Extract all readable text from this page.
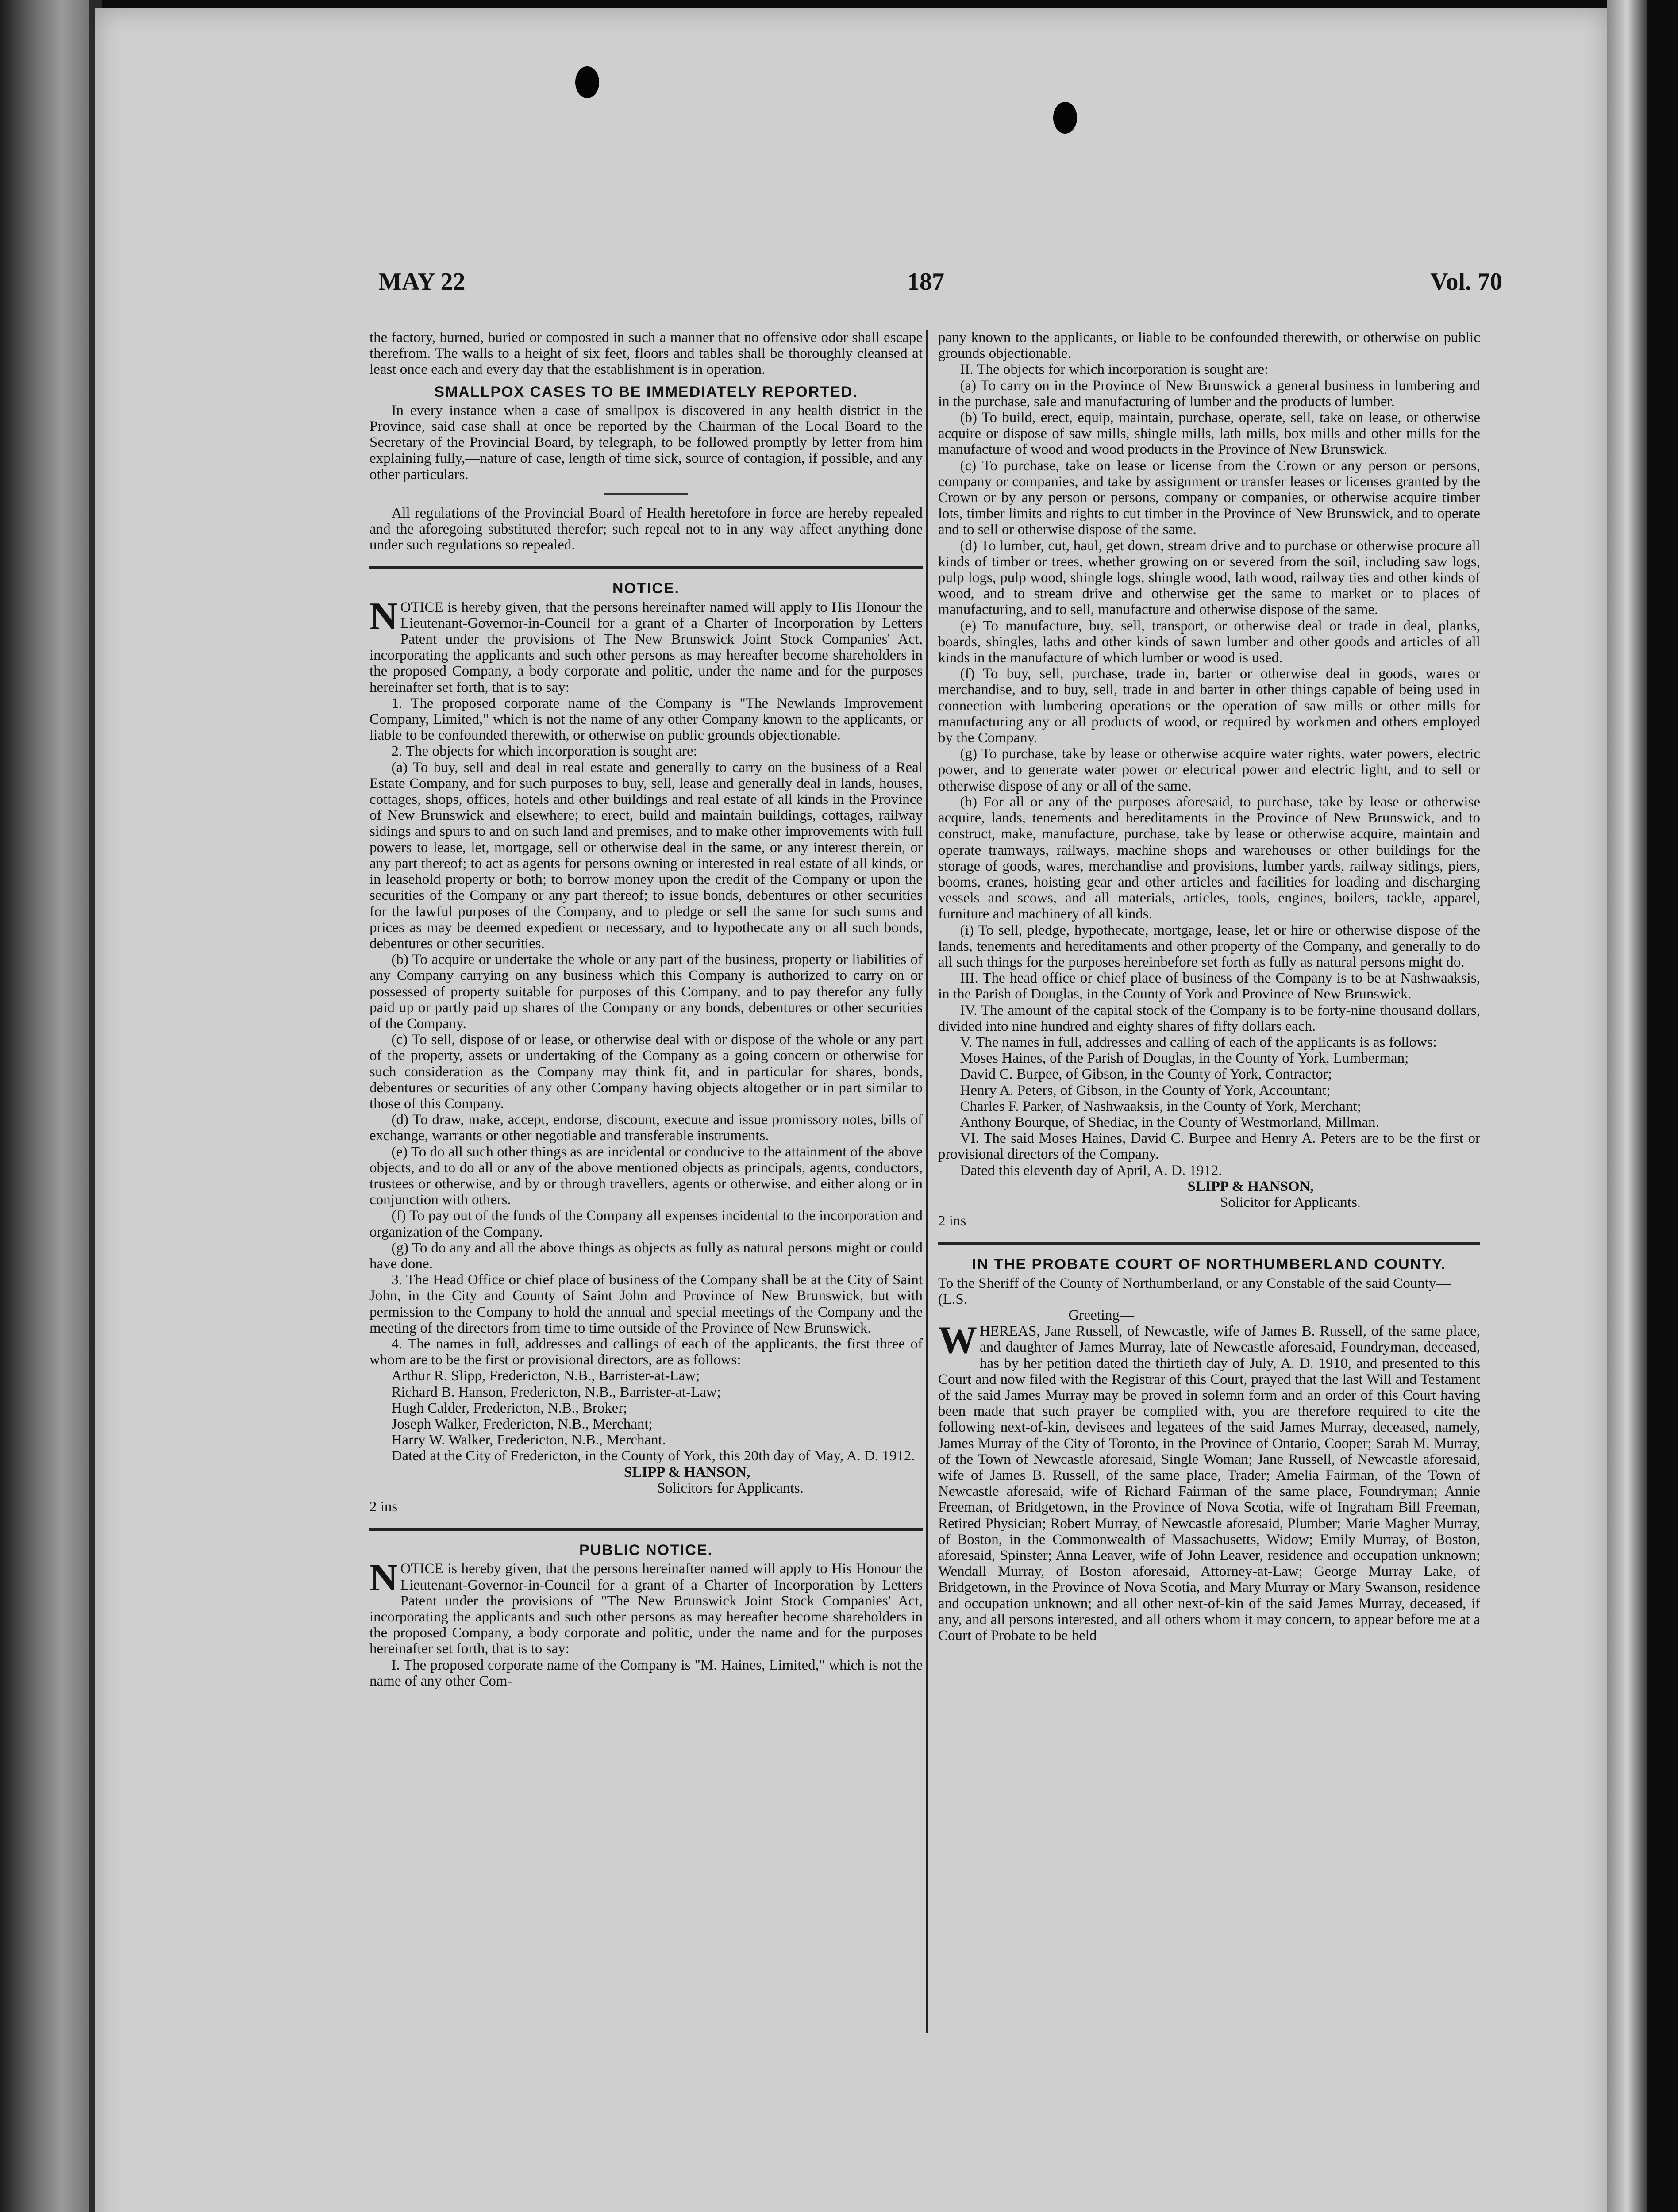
MAY 22	187	Vol. 70

the factory, burned, buried or composted in such a manner that no offensive odor shall escape therefrom. The walls to a height of six feet, floors and tables shall be thoroughly cleansed at least once each and every day that the establishment is in operation.

SMALLPOX CASES TO BE IMMEDIATELY REPORTED.

In every instance when a case of smallpox is discovered in any health district in the Province, said case shall at once be reported by the Chairman of the Local Board to the Secretary of the Provincial Board, by telegraph, to be followed promptly by letter from him explaining fully,—nature of case, length of time sick, source of contagion, if possible, and any other particulars.

All regulations of the Provincial Board of Health heretofore in force are hereby repealed and the aforegoing substituted therefor; such repeal not to in any way affect anything done under such regulations so repealed.

NOTICE.

NOTICE is hereby given, that the persons hereinafter named will apply to His Honour the Lieutenant-Governor-in-Council for a grant of a Charter of Incorporation by Letters Patent under the provisions of The New Brunswick Joint Stock Companies' Act, incorporating the applicants and such other persons as may hereafter become shareholders in the proposed Company, a body corporate and politic, under the name and for the purposes hereinafter set forth, that is to say:

1. The proposed corporate name of the Company is "The Newlands Improvement Company, Limited," which is not the name of any other Company known to the applicants, or liable to be confounded therewith, or otherwise on public grounds objectionable.

2. The objects for which incorporation is sought are:

(a) To buy, sell and deal in real estate and generally to carry on the business of a Real Estate Company, and for such purposes to buy, sell, lease and generally deal in lands, houses, cottages, shops, offices, hotels and other buildings and real estate of all kinds in the Province of New Brunswick and elsewhere; to erect, build and maintain buildings, cottages, railway sidings and spurs to and on such land and premises, and to make other improvements with full powers to lease, let, mortgage, sell or otherwise deal in the same, or any interest therein, or any part thereof; to act as agents for persons owning or interested in real estate of all kinds, or in leasehold property or both; to borrow money upon the credit of the Company or upon the securities of the Company or any part thereof; to issue bonds, debentures or other securities for the lawful purposes of the Company, and to pledge or sell the same for such sums and prices as may be deemed expedient or necessary, and to hypothecate any or all such bonds, debentures or other securities.

(b) To acquire or undertake the whole or any part of the business, property or liabilities of any Company carrying on any business which this Company is authorized to carry on or possessed of property suitable for purposes of this Company, and to pay therefor any fully paid up or partly paid up shares of the Company or any bonds, debentures or other securities of the Company.

(c) To sell, dispose of or lease, or otherwise deal with or dispose of the whole or any part of the property, assets or undertaking of the Company as a going concern or otherwise for such consideration as the Company may think fit, and in particular for shares, bonds, debentures or securities of any other Company having objects altogether or in part similar to those of this Company.

(d) To draw, make, accept, endorse, discount, execute and issue promissory notes, bills of exchange, warrants or other negotiable and transferable instruments.

(e) To do all such other things as are incidental or conducive to the attainment of the above objects, and to do all or any of the above mentioned objects as principals, agents, conductors, trustees or otherwise, and by or through travellers, agents or otherwise, and either along or in conjunction with others.

(f) To pay out of the funds of the Company all expenses incidental to the incorporation and organization of the Company.

(g) To do any and all the above things as objects as fully as natural persons might or could have done.

3. The Head Office or chief place of business of the Company shall be at the City of Saint John, in the City and County of Saint John and Province of New Brunswick, but with permission to the Company to hold the annual and special meetings of the Company and the meeting of the directors from time to time outside of the Province of New Brunswick.

4. The names in full, addresses and callings of each of the applicants, the first three of whom are to be the first or provisional directors, are as follows:

Arthur R. Slipp, Fredericton, N.B., Barrister-at-Law;

Richard B. Hanson, Fredericton, N.B., Barrister-at-Law;

Hugh Calder, Fredericton, N.B., Broker;

Joseph Walker, Fredericton, N.B., Merchant;

Harry W. Walker, Fredericton, N.B., Merchant.

Dated at the City of Fredericton, in the County of York, this 20th day of May, A. D. 1912.

SLIPP & HANSON,

Solicitors for Applicants.

2 ins

PUBLIC NOTICE.

NOTICE is hereby given, that the persons hereinafter named will apply to His Honour the Lieutenant-Governor-in-Council for a grant of a Charter of Incorporation by Letters Patent under the provisions of "The New Brunswick Joint Stock Companies' Act, incorporating the applicants and such other persons as may hereafter become shareholders in the proposed Company, a body corporate and politic, under the name and for the purposes hereinafter set forth, that is to say:

I. The proposed corporate name of the Company is "M. Haines, Limited," which is not the name of any other Com-

pany known to the applicants, or liable to be confounded therewith, or otherwise on public grounds objectionable.

II. The objects for which incorporation is sought are:

(a) To carry on in the Province of New Brunswick a general business in lumbering and in the purchase, sale and manufacturing of lumber and the products of lumber.

(b) To build, erect, equip, maintain, purchase, operate, sell, take on lease, or otherwise acquire or dispose of saw mills, shingle mills, lath mills, box mills and other mills for the manufacture of wood and wood products in the Province of New Brunswick.

(c) To purchase, take on lease or license from the Crown or any person or persons, company or companies, and take by assignment or transfer leases or licenses granted by the Crown or by any person or persons, company or companies, or otherwise acquire timber lots, timber limits and rights to cut timber in the Province of New Brunswick, and to operate and to sell or otherwise dispose of the same.

(d) To lumber, cut, haul, get down, stream drive and to purchase or otherwise procure all kinds of timber or trees, whether growing on or severed from the soil, including saw logs, pulp logs, pulp wood, shingle logs, shingle wood, lath wood, railway ties and other kinds of wood, and to stream drive and otherwise get the same to market or to places of manufacturing, and to sell, manufacture and otherwise dispose of the same.

(e) To manufacture, buy, sell, transport, or otherwise deal or trade in deal, planks, boards, shingles, laths and other kinds of sawn lumber and other goods and articles of all kinds in the manufacture of which lumber or wood is used.

(f) To buy, sell, purchase, trade in, barter or otherwise deal in goods, wares or merchandise, and to buy, sell, trade in and barter in other things capable of being used in connection with lumbering operations or the operation of saw mills or other mills for manufacturing any or all products of wood, or required by workmen and others employed by the Company.

(g) To purchase, take by lease or otherwise acquire water rights, water powers, electric power, and to generate water power or electrical power and electric light, and to sell or otherwise dispose of any or all of the same.

(h) For all or any of the purposes aforesaid, to purchase, take by lease or otherwise acquire, lands, tenements and hereditaments in the Province of New Brunswick, and to construct, make, manufacture, purchase, take by lease or otherwise acquire, maintain and operate tramways, railways, machine shops and warehouses or other buildings for the storage of goods, wares, merchandise and provisions, lumber yards, railway sidings, piers, booms, cranes, hoisting gear and other articles and facilities for loading and discharging vessels and scows, and all materials, articles, tools, engines, boilers, tackle, apparel, furniture and machinery of all kinds.

(i) To sell, pledge, hypothecate, mortgage, lease, let or hire or otherwise dispose of the lands, tenements and hereditaments and other property of the Company, and generally to do all such things for the purposes hereinbefore set forth as fully as natural persons might do.

III. The head office or chief place of business of the Company is to be at Nashwaaksis, in the Parish of Douglas, in the County of York and Province of New Brunswick.

IV. The amount of the capital stock of the Company is to be forty-nine thousand dollars, divided into nine hundred and eighty shares of fifty dollars each.

V. The names in full, addresses and calling of each of the applicants is as follows:

Moses Haines, of the Parish of Douglas, in the County of York, Lumberman;

David C. Burpee, of Gibson, in the County of York, Contractor;

Henry A. Peters, of Gibson, in the County of York, Accountant;

Charles F. Parker, of Nashwaaksis, in the County of York, Merchant;

Anthony Bourque, of Shediac, in the County of Westmorland, Millman.

VI. The said Moses Haines, David C. Burpee and Henry A. Peters are to be the first or provisional directors of the Company.

Dated this eleventh day of April, A. D. 1912.

SLIPP & HANSON,

Solicitor for Applicants.

2 ins

IN THE PROBATE COURT OF NORTHUMBERLAND COUNTY.

To the Sheriff of the County of Northumberland, or any Constable of the said County—

(L.S.

Greeting—

WHEREAS, Jane Russell, of Newcastle, wife of James B. Russell, of the same place, and daughter of James Murray, late of Newcastle aforesaid, Foundryman, deceased, has by her petition dated the thirtieth day of July, A. D. 1910, and presented to this Court and now filed with the Registrar of this Court, prayed that the last Will and Testament of the said James Murray may be proved in solemn form and an order of this Court having been made that such prayer be complied with, you are therefore required to cite the following next-of-kin, devisees and legatees of the said James Murray, deceased, namely, James Murray of the City of Toronto, in the Province of Ontario, Cooper; Sarah M. Murray, of the Town of Newcastle aforesaid, Single Woman; Jane Russell, of Newcastle aforesaid, wife of James B. Russell, of the same place, Trader; Amelia Fairman, of the Town of Newcastle aforesaid, wife of Richard Fairman of the same place, Foundryman; Annie Freeman, of Bridgetown, in the Province of Nova Scotia, wife of Ingraham Bill Freeman, Retired Physician; Robert Murray, of Newcastle aforesaid, Plumber; Marie Magher Murray, of Boston, in the Commonwealth of Massachusetts, Widow; Emily Murray, of Boston, aforesaid, Spinster; Anna Leaver, wife of John Leaver, residence and occupation unknown; Wendall Murray, of Boston aforesaid, Attorney-at-Law; George Murray Lake, of Bridgetown, in the Province of Nova Scotia, and Mary Murray or Mary Swanson, residence and occupation unknown; and all other next-of-kin of the said James Murray, deceased, if any, and all persons interested, and all others whom it may concern, to appear before me at a Court of Probate to be held
